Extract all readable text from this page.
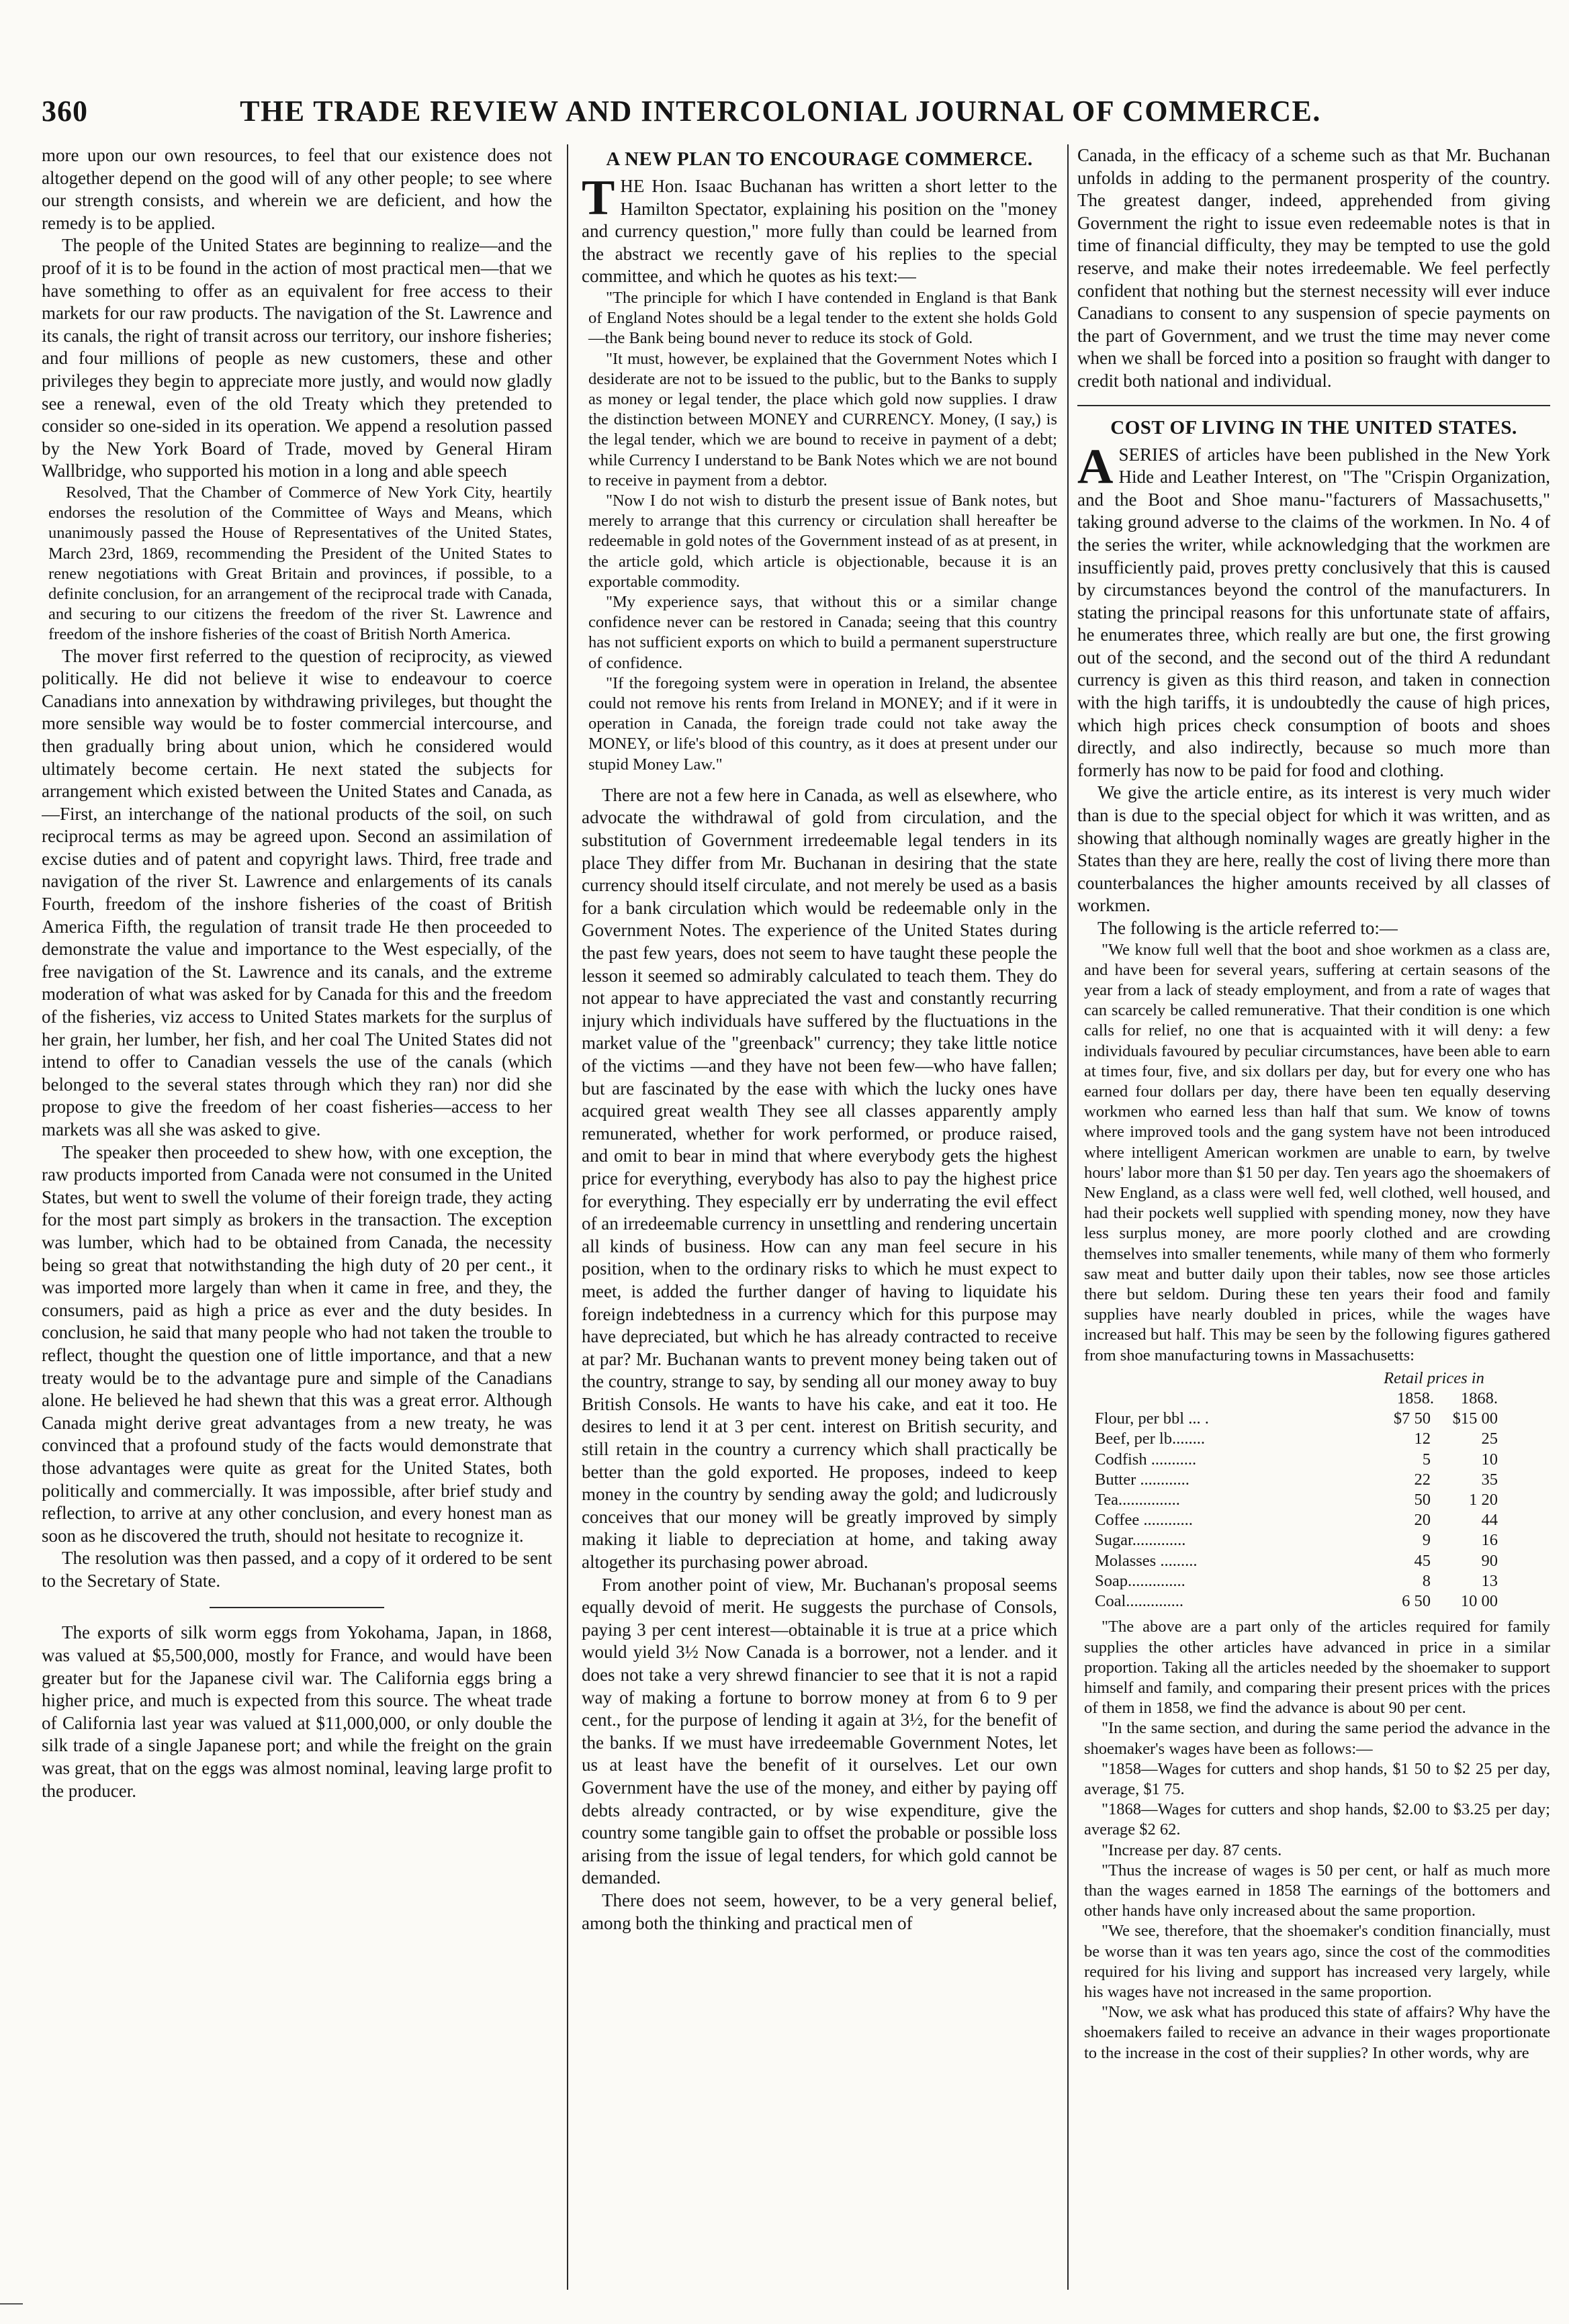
360	THE TRADE REVIEW AND INTERCOLONIAL JOURNAL OF COMMERCE.

more upon our own resources, to feel that our existence does not altogether depend on the good will of any other people; to see where our strength consists, and wherein we are deficient, and how the remedy is to be applied.

The people of the United States are beginning to realize—and the proof of it is to be found in the action of most practical men—that we have something to offer as an equivalent for free access to their markets for our raw products. The navigation of the St. Lawrence and its canals, the right of transit across our territory, our inshore fisheries; and four millions of people as new customers, these and other privileges they begin to appreciate more justly, and would now gladly see a renewal, even of the old Treaty which they pretended to consider so one-sided in its operation. We append a resolution passed by the New York Board of Trade, moved by General Hiram Wallbridge, who supported his motion in a long and able speech

Resolved, That the Chamber of Commerce of New York City, heartily endorses the resolution of the Committee of Ways and Means, which unanimously passed the House of Representatives of the United States, March 23rd, 1869, recommending the President of the United States to renew negotiations with Great Britain and provinces, if possible, to a definite conclusion, for an arrangement of the reciprocal trade with Canada, and securing to our citizens the freedom of the river St. Lawrence and freedom of the inshore fisheries of the coast of British North America.

The mover first referred to the question of reciprocity, as viewed politically. He did not believe it wise to endeavour to coerce Canadians into annexation by withdrawing privileges, but thought the more sensible way would be to foster commercial intercourse, and then gradually bring about union, which he considered would ultimately become certain. He next stated the subjects for arrangement which existed between the United States and Canada, as—First, an interchange of the national products of the soil, on such reciprocal terms as may be agreed upon. Second an assimilation of excise duties and of patent and copyright laws. Third, free trade and navigation of the river St. Lawrence and enlargements of its canals Fourth, freedom of the inshore fisheries of the coast of British America Fifth, the regulation of transit trade He then proceeded to demonstrate the value and importance to the West especially, of the free navigation of the St. Lawrence and its canals, and the extreme moderation of what was asked for by Canada for this and the freedom of the fisheries, viz access to United States markets for the surplus of her grain, her lumber, her fish, and her coal The United States did not intend to offer to Canadian vessels the use of the canals (which belonged to the several states through which they ran) nor did she propose to give the freedom of her coast fisheries—access to her markets was all she was asked to give.

The speaker then proceeded to shew how, with one exception, the raw products imported from Canada were not consumed in the United States, but went to swell the volume of their foreign trade, they acting for the most part simply as brokers in the transaction. The exception was lumber, which had to be obtained from Canada, the necessity being so great that notwithstanding the high duty of 20 per cent., it was imported more largely than when it came in free, and they, the consumers, paid as high a price as ever and the duty besides. In conclusion, he said that many people who had not taken the trouble to reflect, thought the question one of little importance, and that a new treaty would be to the advantage pure and simple of the Canadians alone. He believed he had shewn that this was a great error. Although Canada might derive great advantages from a new treaty, he was convinced that a profound study of the facts would demonstrate that those advantages were quite as great for the United States, both politically and commercially. It was impossible, after brief study and reflection, to arrive at any other conclusion, and every honest man as soon as he discovered the truth, should not hesitate to recognize it.

The resolution was then passed, and a copy of it ordered to be sent to the Secretary of State.

The exports of silk worm eggs from Yokohama, Japan, in 1868, was valued at $5,500,000, mostly for France, and would have been greater but for the Japanese civil war. The California eggs bring a higher price, and much is expected from this source. The wheat trade of California last year was valued at $11,000,000, or only double the silk trade of a single Japanese port; and while the freight on the grain was great, that on the eggs was almost nominal, leaving large profit to the producer.

A NEW PLAN TO ENCOURAGE COMMERCE.

THE Hon. Isaac Buchanan has written a short letter to the Hamilton Spectator, explaining his position on the "money and currency question," more fully than could be learned from the abstract we recently gave of his replies to the special committee, and which he quotes as his text:—

"The principle for which I have contended in England is that Bank of England Notes should be a legal tender to the extent she holds Gold—the Bank being bound never to reduce its stock of Gold.

"It must, however, be explained that the Government Notes which I desiderate are not to be issued to the public, but to the Banks to supply as money or legal tender, the place which gold now supplies. I draw the distinction between MONEY and CURRENCY. Money, (I say,) is the legal tender, which we are bound to receive in payment of a debt; while Currency I understand to be Bank Notes which we are not bound to receive in payment from a debtor.

"Now I do not wish to disturb the present issue of Bank notes, but merely to arrange that this currency or circulation shall hereafter be redeemable in gold notes of the Government instead of as at present, in the article gold, which article is objectionable, because it is an exportable commodity.

"My experience says, that without this or a similar change confidence never can be restored in Canada; seeing that this country has not sufficient exports on which to build a permanent superstructure of confidence.

"If the foregoing system were in operation in Ireland, the absentee could not remove his rents from Ireland in MONEY; and if it were in operation in Canada, the foreign trade could not take away the MONEY, or life's blood of this country, as it does at present under our stupid Money Law."

There are not a few here in Canada, as well as elsewhere, who advocate the withdrawal of gold from circulation, and the substitution of Government irredeemable legal tenders in its place They differ from Mr. Buchanan in desiring that the state currency should itself circulate, and not merely be used as a basis for a bank circulation which would be redeemable only in the Government Notes. The experience of the United States during the past few years, does not seem to have taught these people the lesson it seemed so admirably calculated to teach them. They do not appear to have appreciated the vast and constantly recurring injury which individuals have suffered by the fluctuations in the market value of the "greenback" currency; they take little notice of the victims —and they have not been few—who have fallen; but are fascinated by the ease with which the lucky ones have acquired great wealth They see all classes apparently amply remunerated, whether for work performed, or produce raised, and omit to bear in mind that where everybody gets the highest price for everything, everybody has also to pay the highest price for everything. They especially err by underrating the evil effect of an irredeemable currency in unsettling and rendering uncertain all kinds of business. How can any man feel secure in his position, when to the ordinary risks to which he must expect to meet, is added the further danger of having to liquidate his foreign indebtedness in a currency which for this purpose may have depreciated, but which he has already contracted to receive at par? Mr. Buchanan wants to prevent money being taken out of the country, strange to say, by sending all our money away to buy British Consols. He wants to have his cake, and eat it too. He desires to lend it at 3 per cent. interest on British security, and still retain in the country a currency which shall practically be better than the gold exported. He proposes, indeed to keep money in the country by sending away the gold; and ludicrously conceives that our money will be greatly improved by simply making it liable to depreciation at home, and taking away altogether its purchasing power abroad.

From another point of view, Mr. Buchanan's proposal seems equally devoid of merit. He suggests the purchase of Consols, paying 3 per cent interest—obtainable it is true at a price which would yield 3½ Now Canada is a borrower, not a lender. and it does not take a very shrewd financier to see that it is not a rapid way of making a fortune to borrow money at from 6 to 9 per cent., for the purpose of lending it again at 3½, for the benefit of the banks. If we must have irredeemable Government Notes, let us at least have the benefit of it ourselves. Let our own Government have the use of the money, and either by paying off debts already contracted, or by wise expenditure, give the country some tangible gain to offset the probable or possible loss arising from the issue of legal tenders, for which gold cannot be demanded.

There does not seem, however, to be a very general belief, among both the thinking and practical men of

Canada, in the efficacy of a scheme such as that Mr. Buchanan unfolds in adding to the permanent prosperity of the country. The greatest danger, indeed, apprehended from giving Government the right to issue even redeemable notes is that in time of financial difficulty, they may be tempted to use the gold reserve, and make their notes irredeemable. We feel perfectly confident that nothing but the sternest necessity will ever induce Canadians to consent to any suspension of specie payments on the part of Government, and we trust the time may never come when we shall be forced into a position so fraught with danger to credit both national and individual.

COST OF LIVING IN THE UNITED STATES.

ASERIES of articles have been published in the New York Hide and Leather Interest, on "The "Crispin Organization, and the Boot and Shoe manu-"facturers of Massachusetts," taking ground adverse to the claims of the workmen. In No. 4 of the series the writer, while acknowledging that the workmen are insufficiently paid, proves pretty conclusively that this is caused by circumstances beyond the control of the manufacturers. In stating the principal reasons for this unfortunate state of affairs, he enumerates three, which really are but one, the first growing out of the second, and the second out of the third A redundant currency is given as this third reason, and taken in connection with the high tariffs, it is undoubtedly the cause of high prices, which high prices check consumption of boots and shoes directly, and also indirectly, because so much more than formerly has now to be paid for food and clothing.

We give the article entire, as its interest is very much wider than is due to the special object for which it was written, and as showing that although nominally wages are greatly higher in the States than they are here, really the cost of living there more than counterbalances the higher amounts received by all classes of workmen.

The following is the article referred to:—

"We know full well that the boot and shoe workmen as a class are, and have been for several years, suffering at certain seasons of the year from a lack of steady employment, and from a rate of wages that can scarcely be called remunerative. That their condition is one which calls for relief, no one that is acquainted with it will deny: a few individuals favoured by peculiar circumstances, have been able to earn at times four, five, and six dollars per day, but for every one who has earned four dollars per day, there have been ten equally deserving workmen who earned less than half that sum. We know of towns where improved tools and the gang system have not been introduced where intelligent American workmen are unable to earn, by twelve hours' labor more than $1 50 per day. Ten years ago the shoemakers of New England, as a class were well fed, well clothed, well housed, and had their pockets well supplied with spending money, now they have less surplus money, are more poorly clothed and are crowding themselves into smaller tenements, while many of them who formerly saw meat and butter daily upon their tables, now see those articles there but seldom. During these ten years their food and family supplies have nearly doubled in prices, while the wages have increased but half. This may be seen by the following figures gathered from shoe manufacturing towns in Massachusetts:

Retail prices in
1858.	1868.
Flour, per bbl ... .	$7 50	$15 00
Beef, per lb........	12	25
Codfish ...........	5	10
Butter ............	22	35
Tea...............	50	1 20
Coffee ............	20	44
Sugar.............	9	16
Molasses .........	45	90
Soap..............	8	13
Coal..............	6 50	10 00

"The above are a part only of the articles required for family supplies the other articles have advanced in price in a similar proportion. Taking all the articles needed by the shoemaker to support himself and family, and comparing their present prices with the prices of them in 1858, we find the advance is about 90 per cent.

"In the same section, and during the same period the advance in the shoemaker's wages have been as follows:—

"1858—Wages for cutters and shop hands, $1 50 to $2 25 per day, average, $1 75.

"1868—Wages for cutters and shop hands, $2.00 to $3.25 per day; average $2 62.

"Increase per day. 87 cents.

"Thus the increase of wages is 50 per cent, or half as much more than the wages earned in 1858 The earnings of the bottomers and other hands have only increased about the same proportion.

"We see, therefore, that the shoemaker's condition financially, must be worse than it was ten years ago, since the cost of the commodities required for his living and support has increased very largely, while his wages have not increased in the same proportion.

"Now, we ask what has produced this state of affairs? Why have the shoemakers failed to receive an advance in their wages proportionate to the increase in the cost of their supplies? In other words, why are
